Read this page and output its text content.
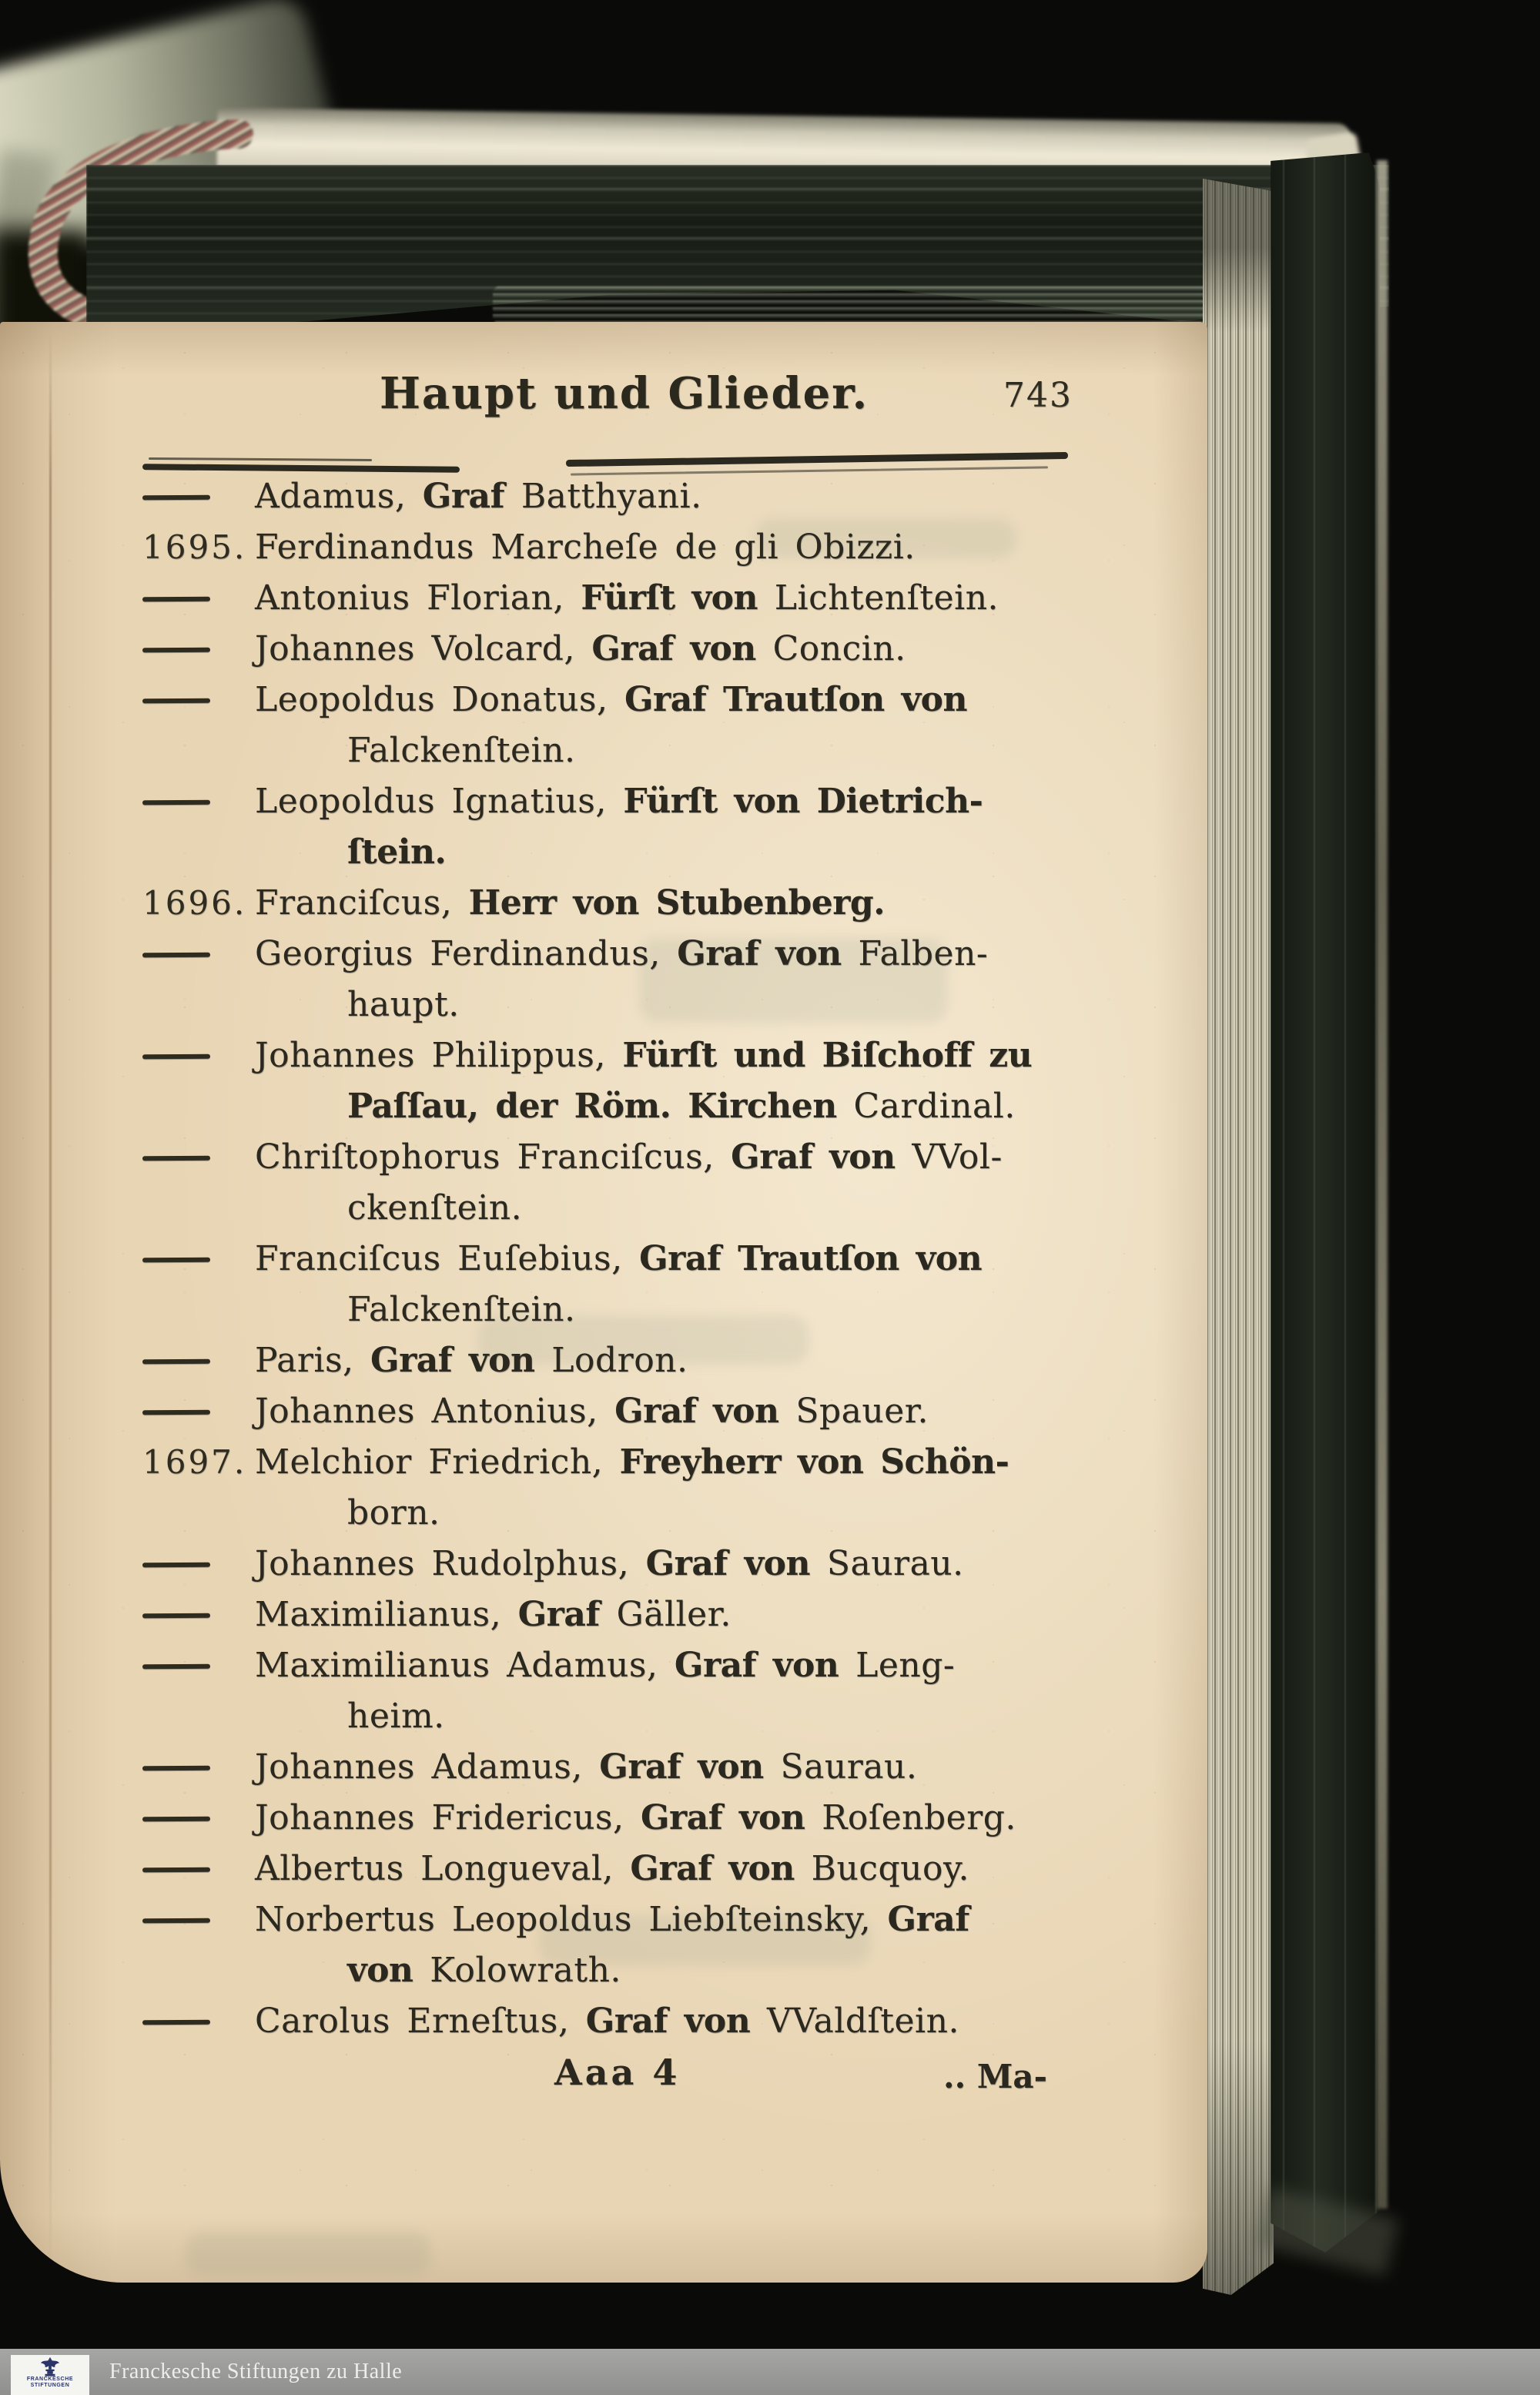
Haupt und Glieder.	743
Adamus, Graf Batthyani.
1695. Ferdinandus Marcheſe de gli Obizzi.
Antonius Florian, Fürſt von Lichtenſtein.
Johannes Volcard, Graf von Concin.
Leopoldus Donatus, Graf Trautſon von
Falckenſtein.
Leopoldus Ignatius, Fürſt von Dietrich-
ſtein.
1696. Franciſcus, Herr von Stubenberg.
Georgius Ferdinandus, Graf von Falben-
haupt.
Johannes Philippus, Fürſt und Biſchoff zu
Paſſau, der Röm. Kirchen Cardinal.
Chriſtophorus Franciſcus, Graf von VVol-
ckenſtein.
Franciſcus Euſebius, Graf Trautſon von
Falckenſtein.
Paris, Graf von Lodron.
Johannes Antonius, Graf von Spauer.
1697. Melchior Friedrich, Freyherr von Schön-
born.
Johannes Rudolphus, Graf von Saurau.
Maximilianus, Graf Gäller.
Maximilianus Adamus, Graf von Leng-
heim.
Johannes Adamus, Graf von Saurau.
Johannes Fridericus, Graf von Roſenberg.
Albertus Longueval, Graf von Bucquoy.
Norbertus Leopoldus Liebſteinsky, Graf
von Kolowrath.
Carolus Erneſtus, Graf von VValdſtein.
Aaa 4	.. Ma-
FRANCKESCHE
STIFTUNGEN
Franckesche Stiftungen zu Halle
